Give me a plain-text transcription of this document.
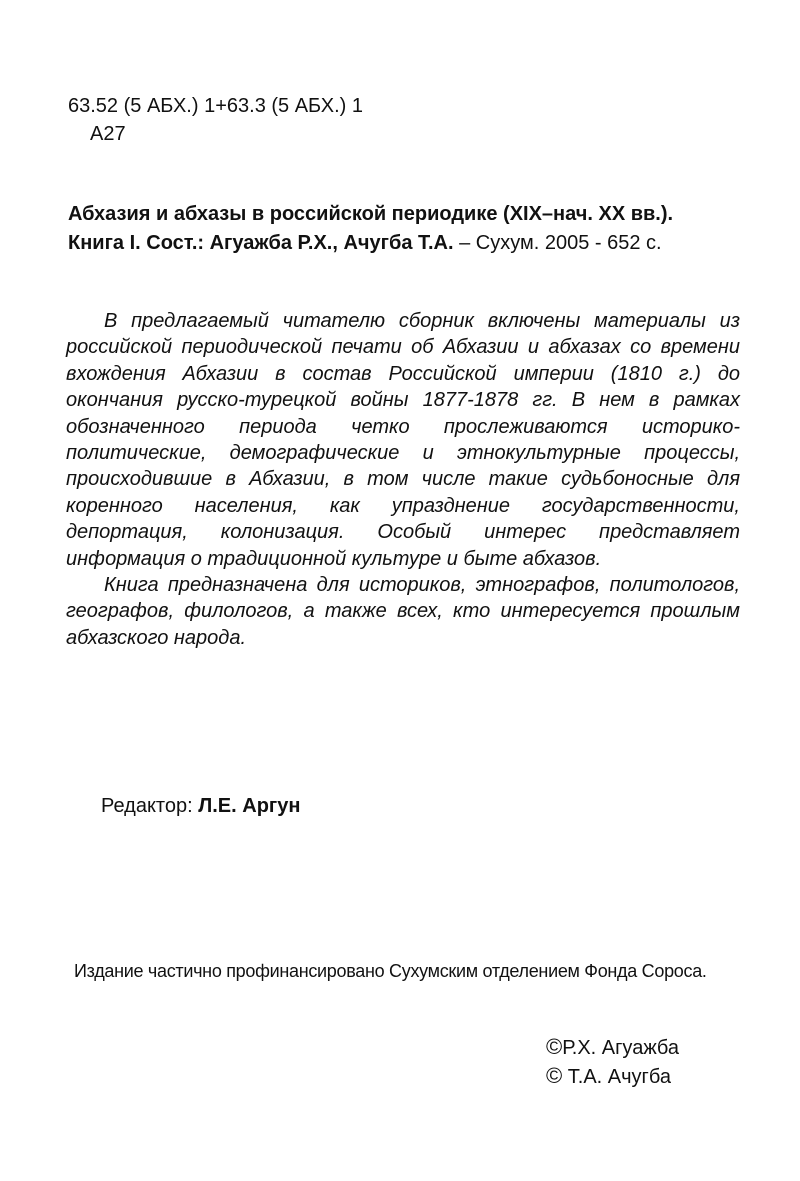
63.52 (5 АБХ.) 1+63.3 (5 АБХ.) 1
А27
Абхазия и абхазы в российской периодике (XIX–нач. XX вв.).
Книга I. Сост.: Агуажба Р.Х., Ачугба Т.А. – Сухум. 2005 - 652 с.

В предлагаемый читателю сборник включены материалы из российской периодической печати об Абхазии и абхазах со времени вхождения Абхазии в состав Российской империи (1810 г.) до окончания русско-турецкой войны 1877-1878 гг. В нем в рамках обозначенного периода четко прослеживаются историко-политические, демографические и этнокультурные процессы, происходившие в Абхазии, в том числе такие судьбоносные для коренного населения, как упразднение государственности, депортация, колонизация. Особый интерес представляет информация о традиционной культуре и быте абхазов.

Книга предназначена для историков, этнографов, политологов, географов, филологов, а также всех, кто интересуется прошлым абхазского народа.

Редактор: Л.Е. Аргун
Издание частично профинансировано Сухумским отделением Фонда Сороса.
©Р.Х. Агуажба
© Т.А. Ачугба
